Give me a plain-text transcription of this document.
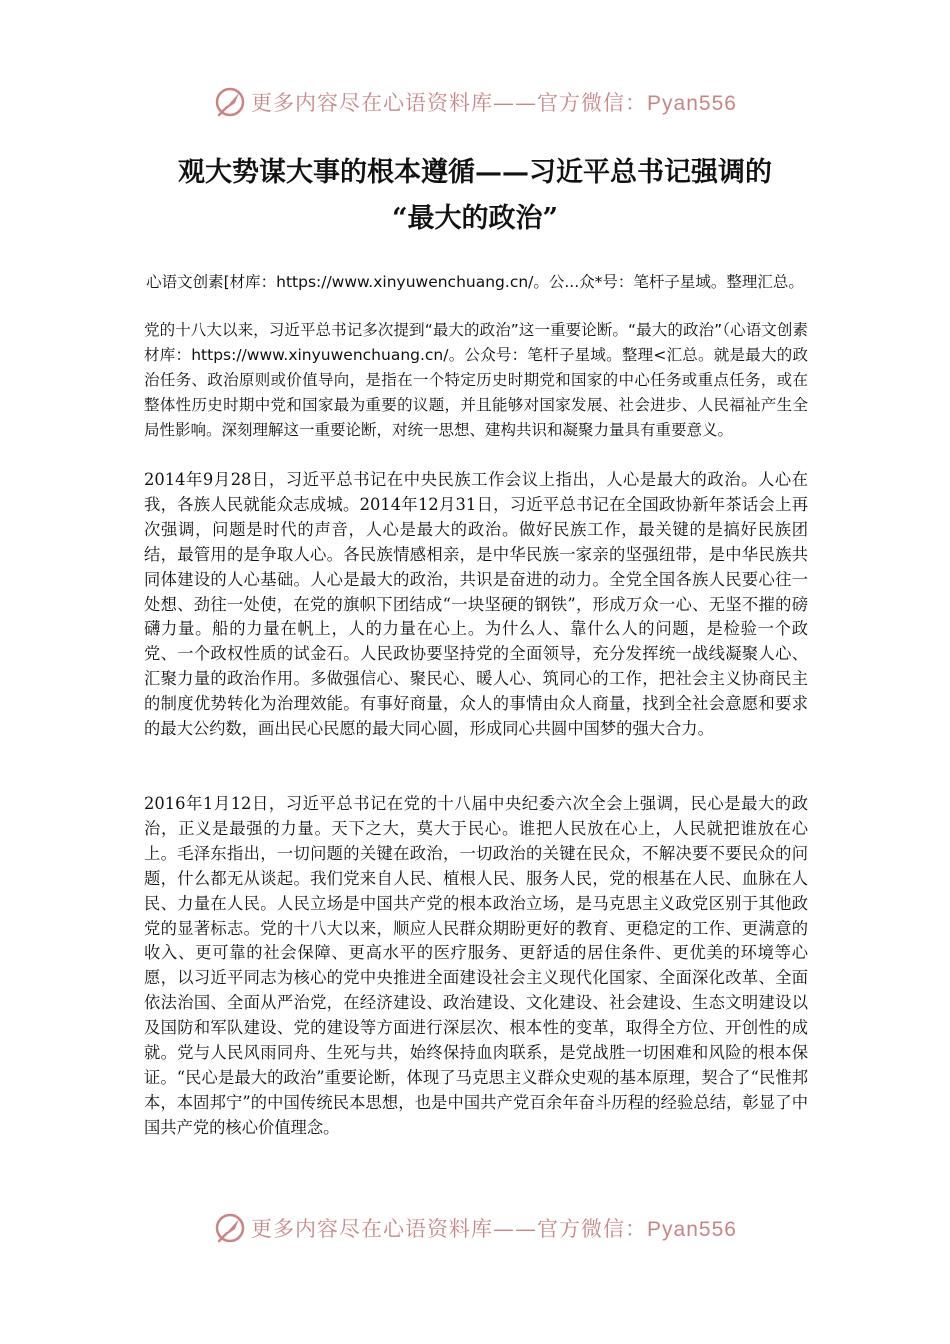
更多内容尽在心语资料库——官方微信：Pyan556
观大势谋大事的根本遵循——习近平总书记强调的
“最大的政治”
心语文创素[材库：https://www.xinyuwenchuang.cn/。公...众*号：笔杆子星域。整理汇总。
党的十八大以来，习近平总书记多次提到“最大的政治”这一重要论断。“最大的政治”（心语文创素材库：https://www.xinyuwenchuang.cn/。公众号：笔杆子星域。整理<汇总。就是最大的政治任务、政治原则或价值导向，是指在一个特定历史时期党和国家的中心任务或重点任务，或在整体性历史时期中党和国家最为重要的议题，并且能够对国家发展、社会进步、人民福祉产生全局性影响。深刻理解这一重要论断，对统一思想、建构共识和凝聚力量具有重要意义。
2014年9月28日，习近平总书记在中央民族工作会议上指出，人心是最大的政治。人心在我，各族人民就能众志成城。2014年12月31日，习近平总书记在全国政协新年茶话会上再次强调，问题是时代的声音，人心是最大的政治。做好民族工作，最关键的是搞好民族团结，最管用的是争取人心。各民族情感相亲，是中华民族一家亲的坚强纽带，是中华民族共同体建设的人心基础。人心是最大的政治，共识是奋进的动力。全党全国各族人民要心往一处想、劲往一处使，在党的旗帜下团结成“一块坚硬的钢铁”，形成万众一心、无坚不摧的磅礴力量。船的力量在帆上，人的力量在心上。为什么人、靠什么人的问题，是检验一个政党、一个政权性质的试金石。人民政协要坚持党的全面领导，充分发挥统一战线凝聚人心、汇聚力量的政治作用。多做强信心、聚民心、暖人心、筑同心的工作，把社会主义协商民主的制度优势转化为治理效能。有事好商量，众人的事情由众人商量，找到全社会意愿和要求的最大公约数，画出民心民愿的最大同心圆，形成同心共圆中国梦的强大合力。
2016年1月12日，习近平总书记在党的十八届中央纪委六次全会上强调，民心是最大的政治，正义是最强的力量。天下之大，莫大于民心。谁把人民放在心上，人民就把谁放在心上。毛泽东指出，一切问题的关键在政治，一切政治的关键在民众，不解决要不要民众的问题，什么都无从谈起。我们党来自人民、植根人民、服务人民，党的根基在人民、血脉在人民、力量在人民。人民立场是中国共产党的根本政治立场，是马克思主义政党区别于其他政党的显著标志。党的十八大以来，顺应人民群众期盼更好的教育、更稳定的工作、更满意的收入、更可靠的社会保障、更高水平的医疗服务、更舒适的居住条件、更优美的环境等心愿，以习近平同志为核心的党中央推进全面建设社会主义现代化国家、全面深化改革、全面依法治国、全面从严治党，在经济建设、政治建设、文化建设、社会建设、生态文明建设以及国防和军队建设、党的建设等方面进行深层次、根本性的变革，取得全方位、开创性的成就。党与人民风雨同舟、生死与共，始终保持血肉联系，是党战胜一切困难和风险的根本保证。“民心是最大的政治”重要论断，体现了马克思主义群众史观的基本原理，契合了“民惟邦本，本固邦宁”的中国传统民本思想，也是中国共产党百余年奋斗历程的经验总结，彰显了中国共产党的核心价值理念。
更多内容尽在心语资料库——官方微信：Pyan556
